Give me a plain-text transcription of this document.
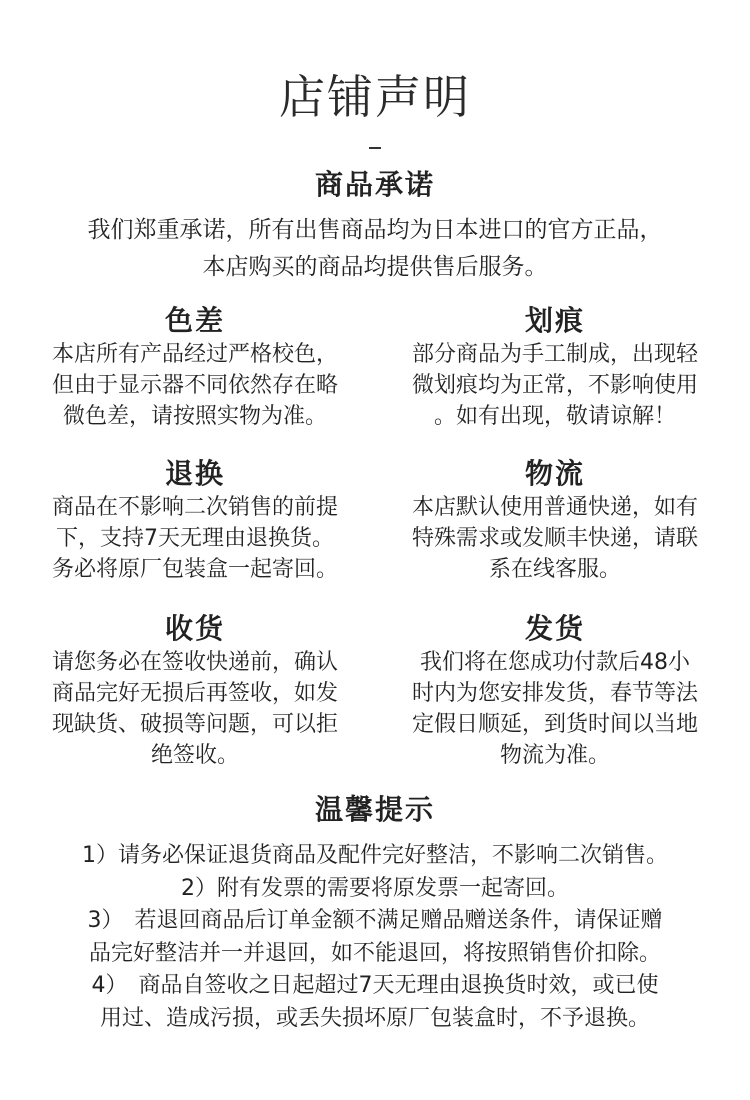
店铺声明
商品承诺
我们郑重承诺，所有出售商品均为日本进口的官方正品，
本店购买的商品均提供售后服务。
色差
本店所有产品经过严格校色，
但由于显示器不同依然存在略
微色差，请按照实物为准。
划痕
部分商品为手工制成，出现轻
微划痕均为正常，不影响使用
。如有出现，敬请谅解！
退换
商品在不影响二次销售的前提
下，支持7天无理由退换货。
务必将原厂包装盒一起寄回。
物流
本店默认使用普通快递，如有
特殊需求或发顺丰快递，请联
系在线客服。
收货
请您务必在签收快递前，确认
商品完好无损后再签收，如发
现缺货、破损等问题，可以拒
绝签收。
发货
我们将在您成功付款后48小
时内为您安排发货，春节等法
定假日顺延，到货时间以当地
物流为准。
温馨提示
1）请务必保证退货商品及配件完好整洁，不影响二次销售。
2）附有发票的需要将原发票一起寄回。
3）　若退回商品后订单金额不满足赠品赠送条件，请保证赠
品完好整洁并一并退回，如不能退回，将按照销售价扣除。
4）　商品自签收之日起超过7天无理由退换货时效，或已使
用过、造成污损，或丢失损坏原厂包装盒时，不予退换。
